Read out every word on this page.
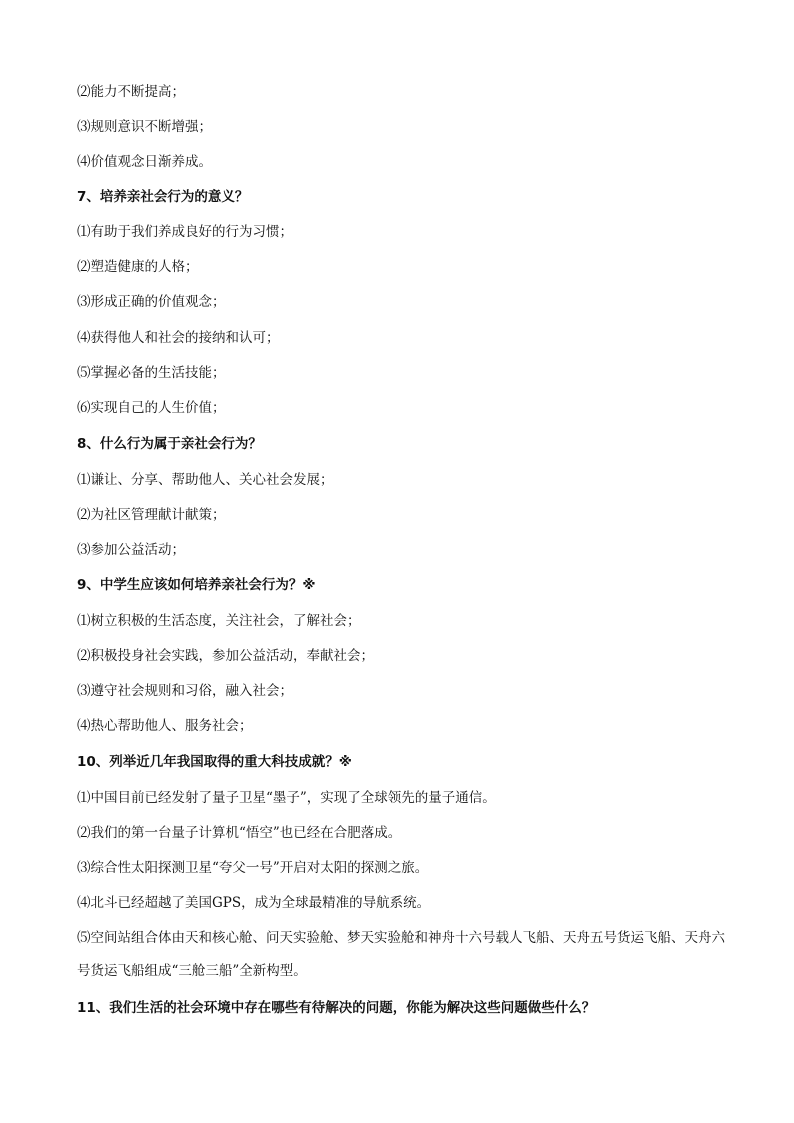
⑵能力不断提高；
⑶规则意识不断增强；
⑷价值观念日渐养成。
7、培养亲社会行为的意义？
⑴有助于我们养成良好的行为习惯；
⑵塑造健康的人格；
⑶形成正确的价值观念；
⑷获得他人和社会的接纳和认可；
⑸掌握必备的生活技能；
⑹实现自己的人生价值；
8、什么行为属于亲社会行为？
⑴谦让、分享、帮助他人、关心社会发展；
⑵为社区管理献计献策；
⑶参加公益活动；
9、中学生应该如何培养亲社会行为？※
⑴树立积极的生活态度，关注社会，了解社会；
⑵积极投身社会实践，参加公益活动，奉献社会；
⑶遵守社会规则和习俗，融入社会；
⑷热心帮助他人、服务社会；
10、列举近几年我国取得的重大科技成就？※
⑴中国目前已经发射了量子卫星“墨子”，实现了全球领先的量子通信。
⑵我们的第一台量子计算机“悟空”也已经在合肥落成。
⑶综合性太阳探测卫星“夸父一号”开启对太阳的探测之旅。
⑷北斗已经超越了美国GPS，成为全球最精准的导航系统。
⑸空间站组合体由天和核心舱、问天实验舱、梦天实验舱和神舟十六号载人飞船、天舟五号货运飞船、天舟六号货运飞船组成“三舱三船”全新构型。
11、我们生活的社会环境中存在哪些有待解决的问题，你能为解决这些问题做些什么？
